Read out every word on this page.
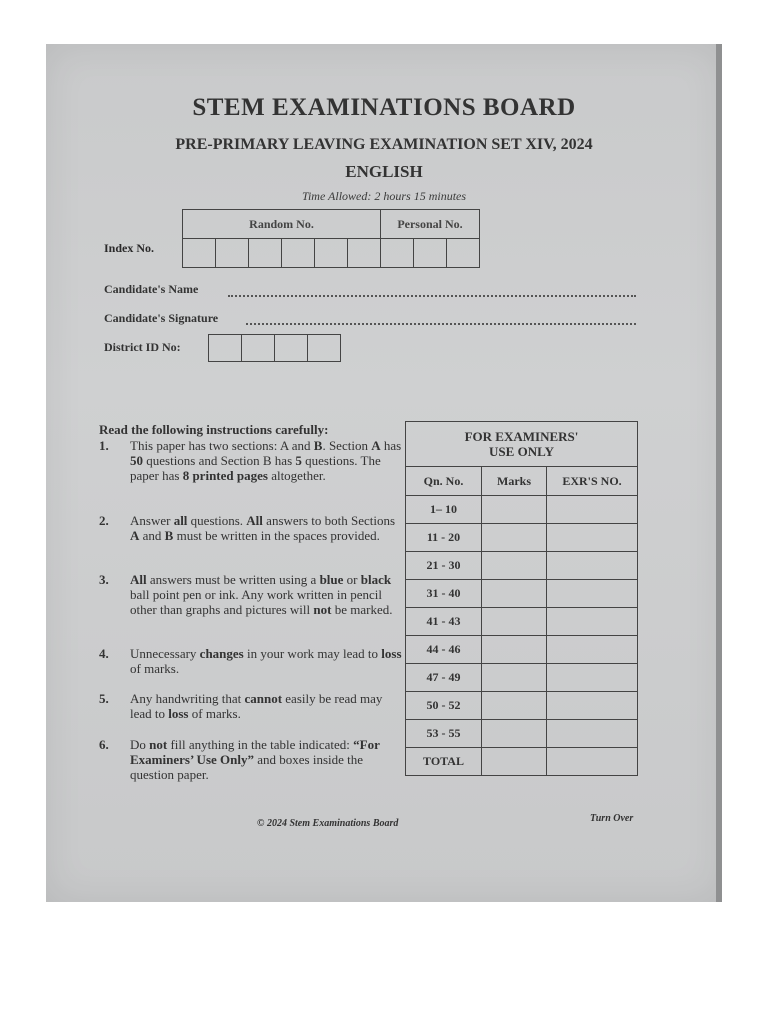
STEM EXAMINATIONS BOARD
PRE-PRIMARY LEAVING EXAMINATION SET XIV, 2024
ENGLISH
Time Allowed: 2 hours 15 minutes
Index No.
Random No.						Personal No.		

Candidate's Name
Candidate's Signature
District ID No:

Read the following instructions carefully:
1. This paper has two sections: A and B. Section A has 50 questions and Section B has 5 questions. The paper has 8 printed pages altogether.
2. Answer all questions. All answers to both Sections A and B must be written in the spaces provided.
3. All answers must be written using a blue or black ball point pen or ink. Any work written in pencil other than graphs and pictures will not be marked.
4. Unnecessary changes in your work may lead to loss of marks.
5. Any handwriting that cannot easily be read may lead to loss of marks.
6. Do not fill anything in the table indicated: “For Examiners’ Use Only” and boxes inside the question paper.
FOR EXAMINERS'
USE ONLY		
Qn. No.	Marks	EXR'S NO.
1– 10		
11 - 20		
21 - 30		
31 - 40		
41 - 43		
44 - 46		
47 - 49		
50 - 52		
53 - 55		
TOTAL		
© 2024 Stem Examinations Board	Turn Over
